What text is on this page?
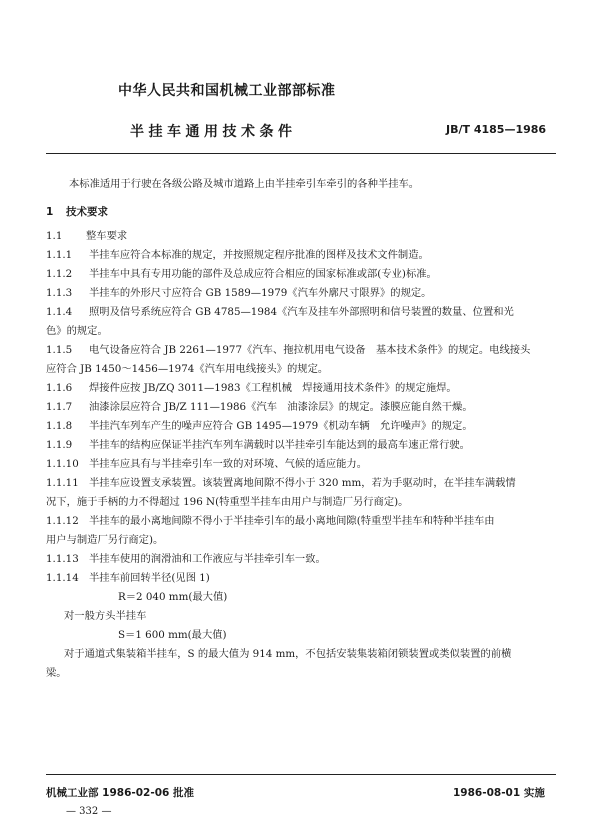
中华人民共和国机械工业部部标准
半挂车通用技术条件	JB/T 4185—1986
本标准适用于行驶在各级公路及城市道路上由半挂牵引车牵引的各种半挂车。
1 技术要求
1.1 整车要求
1.1.1 半挂车应符合本标准的规定，并按照规定程序批准的图样及技术文件制造。
1.1.2 半挂车中具有专用功能的部件及总成应符合相应的国家标准或部(专业)标准。
1.1.3 半挂车的外形尺寸应符合 GB 1589—1979《汽车外廓尺寸限界》的规定。
1.1.4 照明及信号系统应符合 GB 4785—1984《汽车及挂车外部照明和信号装置的数量、位置和光
色》的规定。
1.1.5 电气设备应符合 JB 2261—1977《汽车、拖拉机用电气设备　基本技术条件》的规定。电线接头
应符合 JB 1450～1456—1974《汽车用电线接头》的规定。
1.1.6 焊接件应按 JB/ZQ 3011—1983《工程机械　焊接通用技术条件》的规定施焊。
1.1.7 油漆涂层应符合 JB/Z 111—1986《汽车　油漆涂层》的规定。漆膜应能自然干燥。
1.1.8 半挂汽车列车产生的噪声应符合 GB 1495—1979《机动车辆　允许噪声》的规定。
1.1.9 半挂车的结构应保证半挂汽车列车满载时以半挂牵引车能达到的最高车速正常行驶。
1.1.10 半挂车应具有与半挂牵引车一致的对环境、气候的适应能力。
1.1.11 半挂车应设置支承装置。该装置离地间隙不得小于 320 mm，若为手驱动时，在半挂车满载情
况下，施于手柄的力不得超过 196 N(特重型半挂车由用户与制造厂另行商定)。
1.1.12 半挂车的最小离地间隙不得小于半挂牵引车的最小离地间隙(特重型半挂车和特种半挂车由
用户与制造厂另行商定)。
1.1.13 半挂车使用的润滑油和工作液应与半挂牵引车一致。
1.1.14 半挂车前回转半径(见图 1)
R＝2 040 mm(最大值)
对一般方头半挂车
S＝1 600 mm(最大值)
对于通道式集装箱半挂车，S 的最大值为 914 mm，不包括安装集装箱闭锁装置或类似装置的前横
梁。
机械工业部 1986-02-06 批准	1986-08-01 实施
— 332 —
